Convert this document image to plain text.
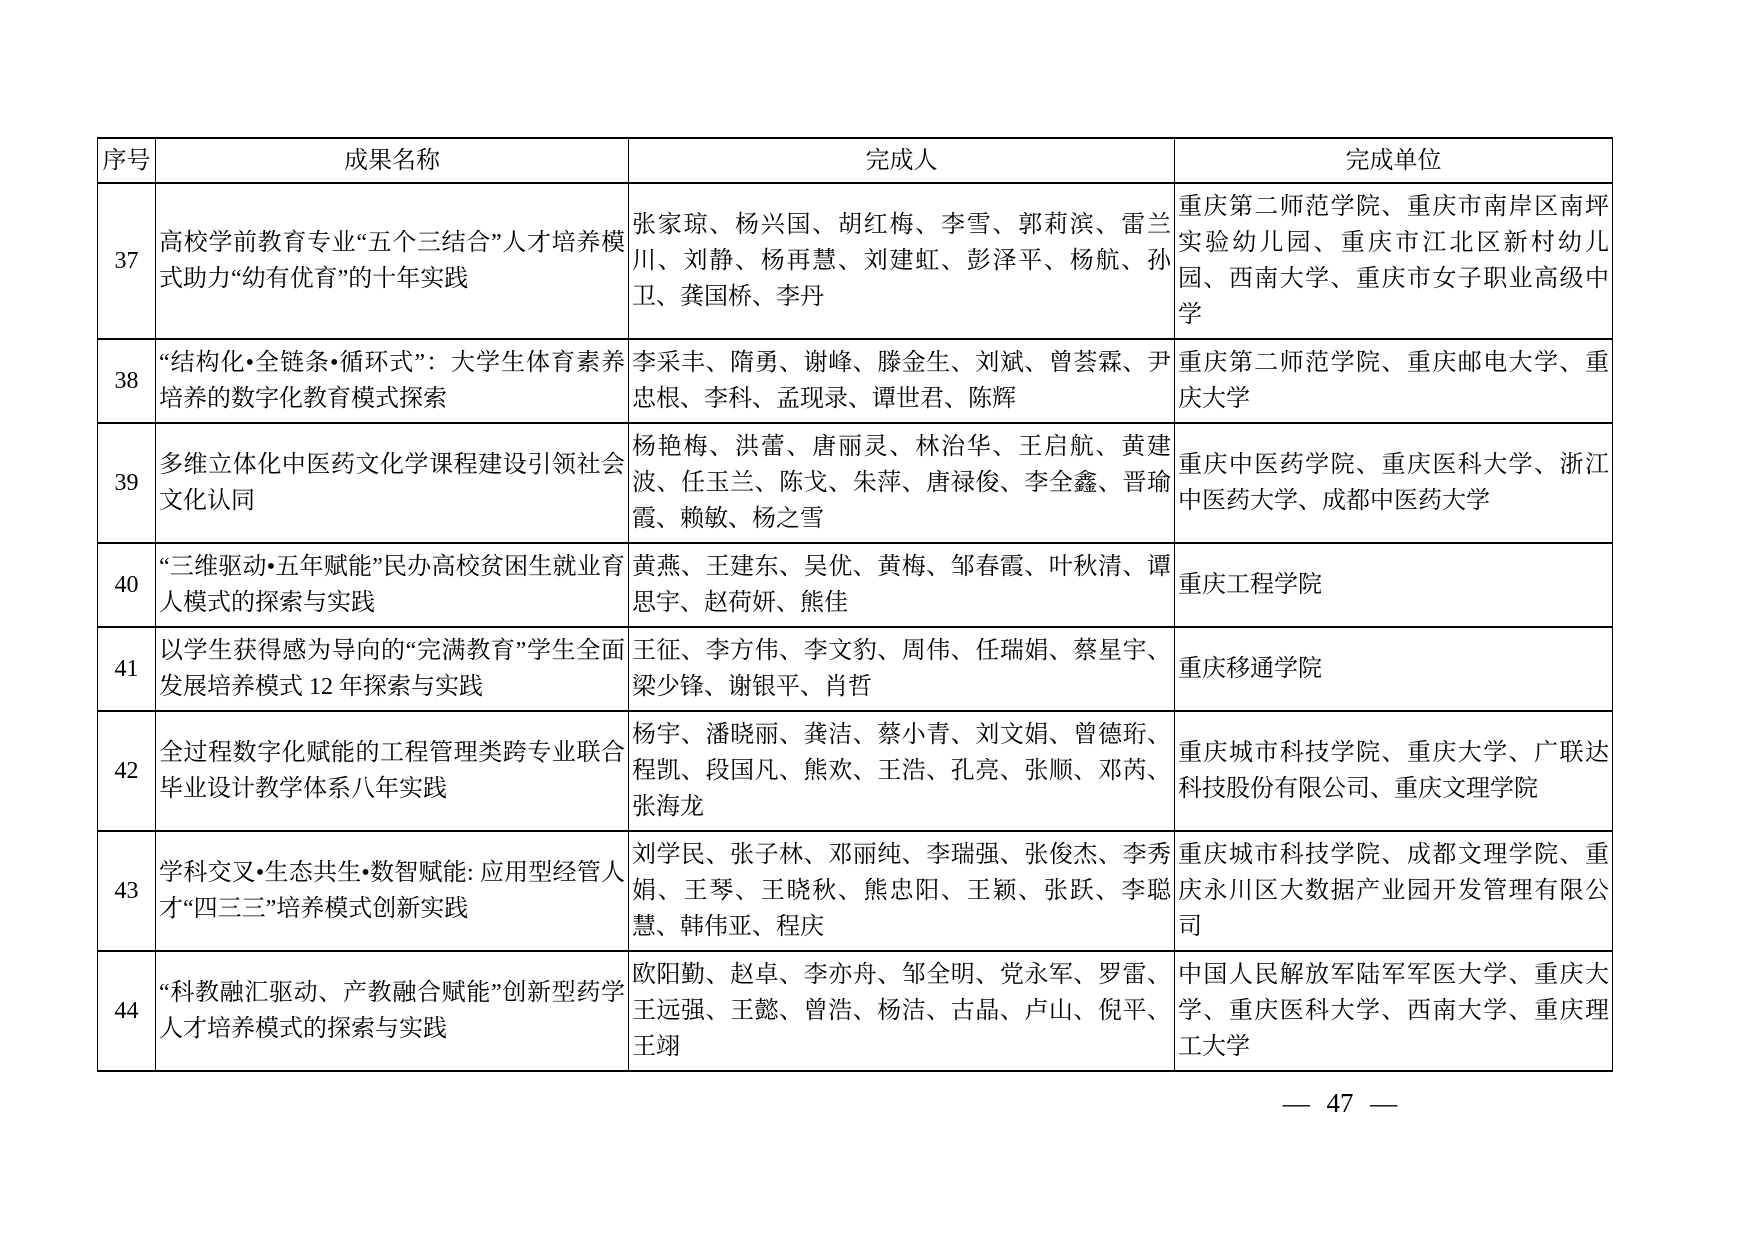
序号	成果名称	完成人	完成单位
37	高校学前教育专业“五个三结合”人才培养模式助力“幼有优育”的十年实践	张家琼、杨兴国、胡红梅、李雪、郭莉滨、雷兰川、刘静、杨再慧、刘建虹、彭泽平、杨航、孙卫、龚国桥、李丹	重庆第二师范学院、重庆市南岸区南坪实验幼儿园、重庆市江北区新村幼儿园、西南大学、重庆市女子职业高级中学
38	“结构化•全链条•循环式”：大学生体育素养培养的数字化教育模式探索	李采丰、隋勇、谢峰、滕金生、刘斌、曾荟霖、尹忠根、李科、孟现录、谭世君、陈辉	重庆第二师范学院、重庆邮电大学、重庆大学
39	多维立体化中医药文化学课程建设引领社会文化认同	杨艳梅、洪蕾、唐丽灵、林治华、王启航、黄建波、任玉兰、陈戈、朱萍、唐禄俊、李全鑫、晋瑜霞、赖敏、杨之雪	重庆中医药学院、重庆医科大学、浙江中医药大学、成都中医药大学
40	“三维驱动•五年赋能”民办高校贫困生就业育人模式的探索与实践	黄燕、王建东、吴优、黄梅、邹春霞、叶秋清、谭思宇、赵荷妍、熊佳	重庆工程学院
41	以学生获得感为导向的“完满教育”学生全面发展培养模式 12 年探索与实践	王征、李方伟、李文豹、周伟、任瑞娟、蔡星宇、梁少锋、谢银平、肖哲	重庆移通学院
42	全过程数字化赋能的工程管理类跨专业联合毕业设计教学体系八年实践	杨宇、潘晓丽、龚洁、蔡小青、刘文娟、曾德珩、程凯、段国凡、熊欢、王浩、孔亮、张顺、邓芮、张海龙	重庆城市科技学院、重庆大学、广联达科技股份有限公司、重庆文理学院
43	学科交叉•生态共生•数智赋能: 应用型经管人才“四三三”培养模式创新实践	刘学民、张子林、邓丽纯、李瑞强、张俊杰、李秀娟、王琴、王晓秋、熊忠阳、王颖、张跃、李聪慧、韩伟亚、程庆	重庆城市科技学院、成都文理学院、重庆永川区大数据产业园开发管理有限公司
44	“科教融汇驱动、产教融合赋能”创新型药学人才培养模式的探索与实践	欧阳勤、赵卓、李亦舟、邹全明、党永军、罗雷、王远强、王懿、曾浩、杨洁、古晶、卢山、倪平、王翊	中国人民解放军陆军军医大学、重庆大学、重庆医科大学、西南大学、重庆理工大学
— 47 —
